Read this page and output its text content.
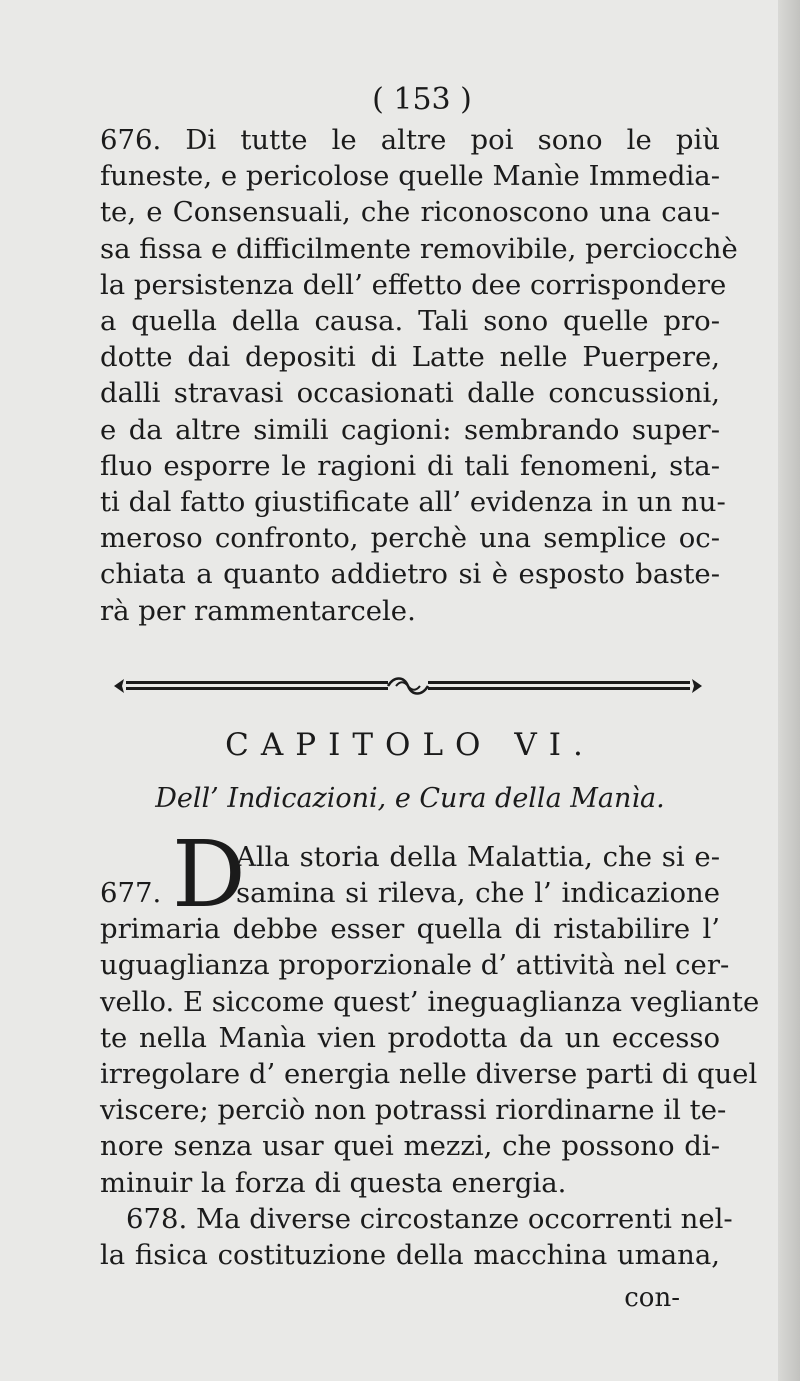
( 153 )
676. Di tutte le altre poi sono le più
funeste, e pericolose quelle Manìe Immedia-
te, e Consensuali, che riconoscono una cau-
sa fissa e difficilmente removibile, perciocchè
la persistenza dell’ effetto dee corrispondere
a quella della causa. Tali sono quelle pro-
dotte dai depositi di Latte nelle Puerpere,
dalli stravasi occasionati dalle concussioni,
e da altre simili cagioni: sembrando super-
fluo esporre le ragioni di tali fenomeni, sta-
ti dal fatto giustificate all’ evidenza in un nu-
meroso confronto, perchè una semplice oc-
chiata a quanto addietro si è esposto baste-
rà per rammentarcele.
CAPITOLO VI.
Dell’ Indicazioni, e Cura della Manìa.
D
677.
Alla storia della Malattia, che si e-
samina si rileva, che l’ indicazione
primaria debbe esser quella di ristabilire l’
uguaglianza proporzionale d’ attività nel cer-
vello. E siccome quest’ ineguaglianza vegliante
te nella Manìa vien prodotta da un eccesso
irregolare d’ energia nelle diverse parti di quel
viscere; perciò non potrassi riordinarne il te-
nore senza usar quei mezzi, che possono di-
minuir la forza di questa energia.
678. Ma diverse circostanze occorrenti nel-
la fisica costituzione della macchina umana,
con-
